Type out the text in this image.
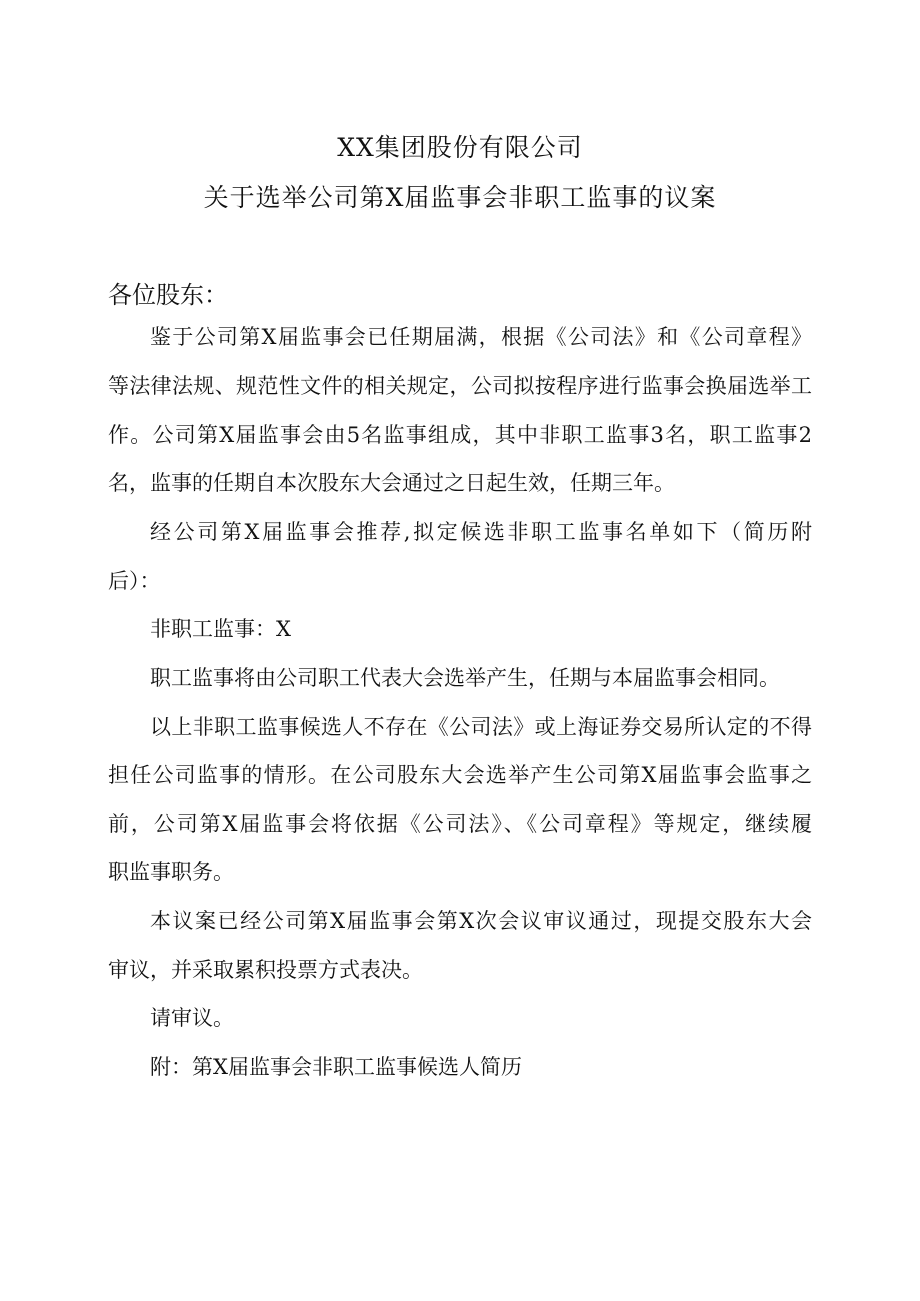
XX集团股份有限公司
关于选举公司第X届监事会非职工监事的议案
各位股东：
鉴于公司第X届监事会已任期届满，根据《公司法》和《公司章程》
等法律法规、规范性文件的相关规定，公司拟按程序进行监事会换届选举工
作。公司第X届监事会由5名监事组成，其中非职工监事3名，职工监事2
名，监事的任期自本次股东大会通过之日起生效，任期三年。
经公司第X届监事会推荐,拟定候选非职工监事名单如下（简历附
后）：
非职工监事：X
职工监事将由公司职工代表大会选举产生，任期与本届监事会相同。
以上非职工监事候选人不存在《公司法》或上海证券交易所认定的不得
担任公司监事的情形。在公司股东大会选举产生公司第X届监事会监事之
前，公司第X届监事会将依据《公司法》、《公司章程》等规定，继续履
职监事职务。
本议案已经公司第X届监事会第X次会议审议通过，现提交股东大会
审议，并采取累积投票方式表决。
请审议。
附：第X届监事会非职工监事候选人简历
